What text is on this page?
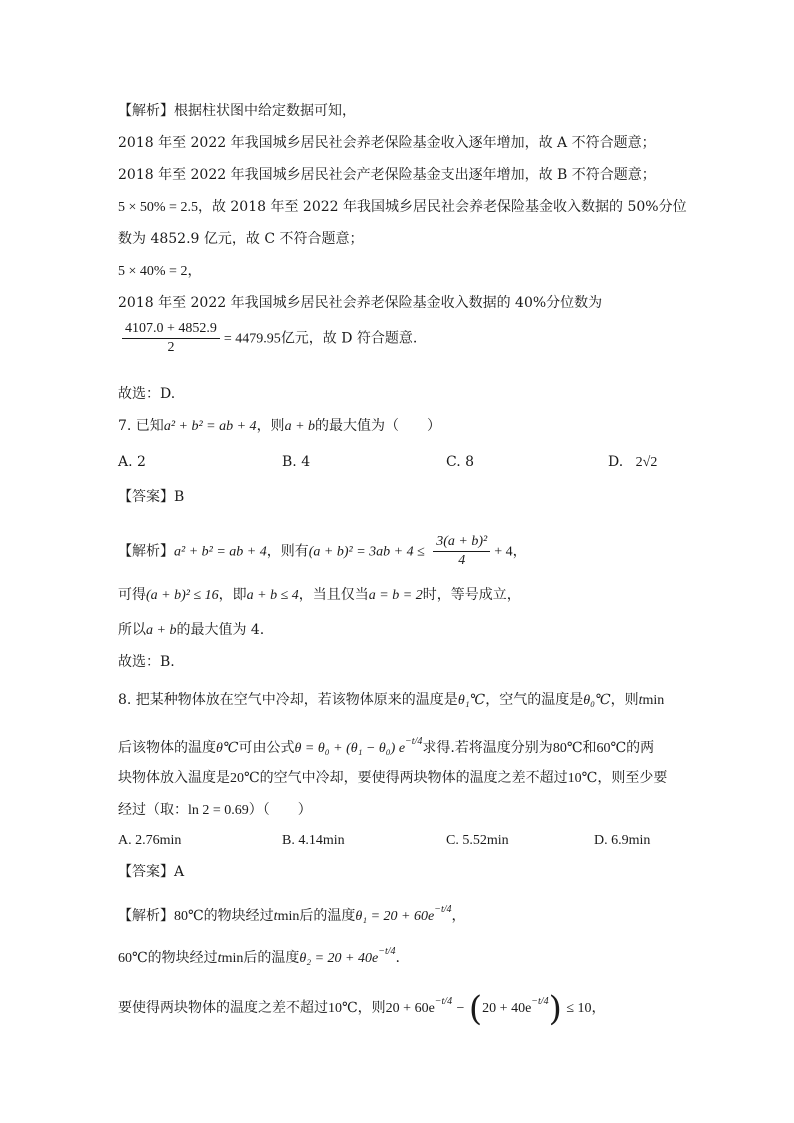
【解析】根据柱状图中给定数据可知，
2018 年至 2022 年我国城乡居民社会养老保险基金收入逐年增加，故 A 不符合题意；
2018 年至 2022 年我国城乡居民社会产老保险基金支出逐年增加，故 B 不符合题意；
5 × 50% = 2.5，故 2018 年至 2022 年我国城乡居民社会养老保险基金收入数据的 50%分位
数为 4852.9 亿元，故 C 不符合题意；
5 × 40% = 2，
2018 年至 2022 年我国城乡居民社会养老保险基金收入数据的 40%分位数为
$\frac{4107.0 + 4852.9}{2} = 4479.95$亿元，故 D 符合题意.
故选：D.
7. 已知a² + b² = ab + 4，则a + b的最大值为（　　）
A. 2	B. 4	C. 8	D. 2√2
【答案】B
【解析】a² + b² = ab + 4，则有$(a + b)^2 = 3ab + 4 \le \frac{\text{3(a + b)²}}{4} + 4$，
可得(a + b)² ≤ 16，即a + b ≤ 4，当且仅当a = b = 2时，等号成立，
所以a + b的最大值为 4.
故选：B.
8. 把某种物体放在空气中冷却，若该物体原来的温度是θ₁℃，空气的温度是θ₀℃，则tmin
后该物体的温度θ℃可由公式θ = θ₀ + (θ₁ − θ₀) $e^{-t/4}$求得.若将温度分别为80℃和60℃的两
块物体放入温度是20℃的空气中冷却，要使得两块物体的温度之差不超过10℃，则至少要
经过（取：ln 2 = 0.69）（　　）
A. 2.76min	B. 4.14min	C. 5.52min	D. 6.9min
【答案】A
【解析】80℃的物块经过tmin后的温度$\theta_1 = 20 + 60e^{-t/4}$，
60℃的物块经过tmin后的温度$\theta_2 = 20 + 40e^{-t/4}$.
要使得两块物体的温度之差不超过10℃，则$20 + 60e^{-t/4} - (20 + 40e^{-t/4}) \le 10$，
